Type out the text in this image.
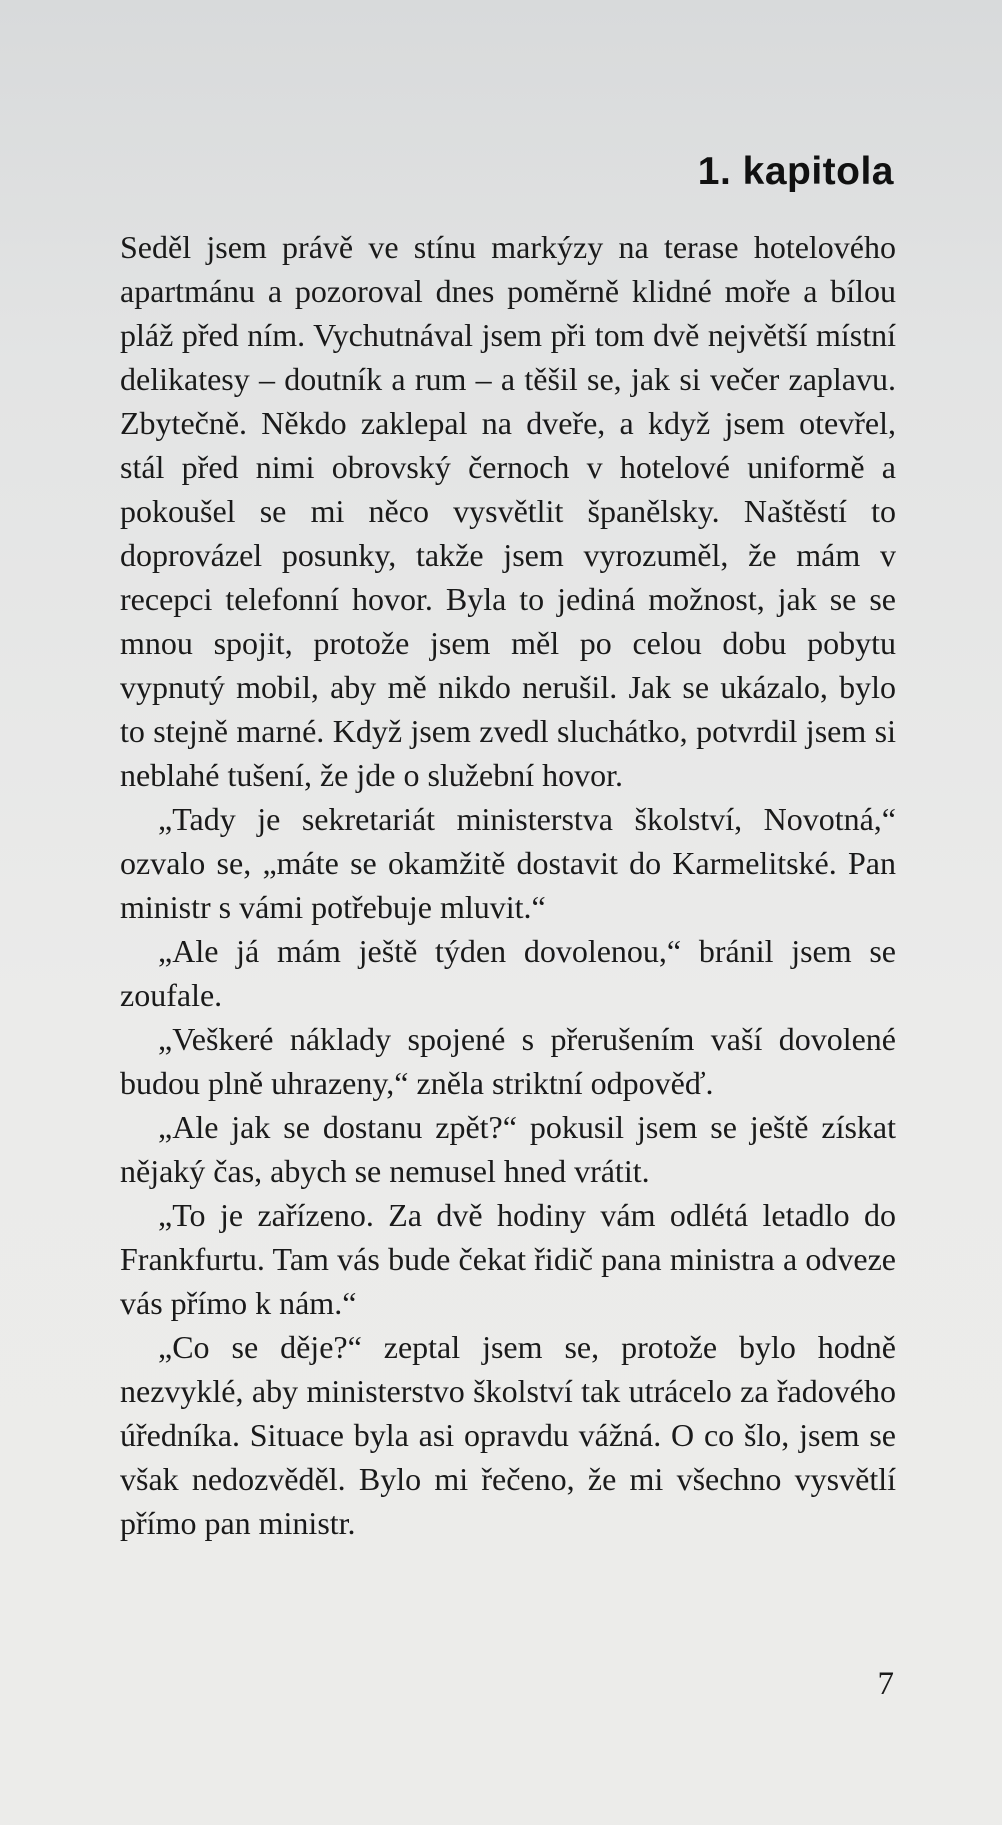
1. kapitola

Seděl jsem právě ve stínu markýzy na terase hotelového apartmánu a pozoroval dnes poměrně klidné moře a bílou pláž před ním. Vychutnával jsem při tom dvě největší místní delikatesy – doutník a rum – a těšil se, jak si večer zaplavu. Zbytečně. Někdo zaklepal na dveře, a když jsem otevřel, stál před nimi obrovský černoch v hotelové uniformě a pokoušel se mi něco vysvětlit španělsky. Naštěstí to doprovázel posunky, takže jsem vyrozuměl, že mám v recepci telefonní hovor. Byla to jediná možnost, jak se se mnou spojit, protože jsem měl po celou dobu pobytu vypnutý mobil, aby mě nikdo nerušil. Jak se ukázalo, bylo to stejně marné. Když jsem zvedl sluchátko, potvrdil jsem si neblahé tušení, že jde o služební hovor.

„Tady je sekretariát ministerstva školství, Novotná,“ ozvalo se, „máte se okamžitě dostavit do Karmelitské. Pan ministr s vámi potřebuje mluvit.“

„Ale já mám ještě týden dovolenou,“ bránil jsem se zoufale.

„Veškeré náklady spojené s přerušením vaší dovolené budou plně uhrazeny,“ zněla striktní odpověď.

„Ale jak se dostanu zpět?“ pokusil jsem se ještě získat nějaký čas, abych se nemusel hned vrátit.

„To je zařízeno. Za dvě hodiny vám odlétá letadlo do Frankfurtu. Tam vás bude čekat řidič pana ministra a odveze vás přímo k nám.“

„Co se děje?“ zeptal jsem se, protože bylo hodně nezvyklé, aby ministerstvo školství tak utrácelo za řadového úředníka. Situace byla asi opravdu vážná. O co šlo, jsem se však nedozvěděl. Bylo mi řečeno, že mi všechno vysvětlí přímo pan ministr.

7
